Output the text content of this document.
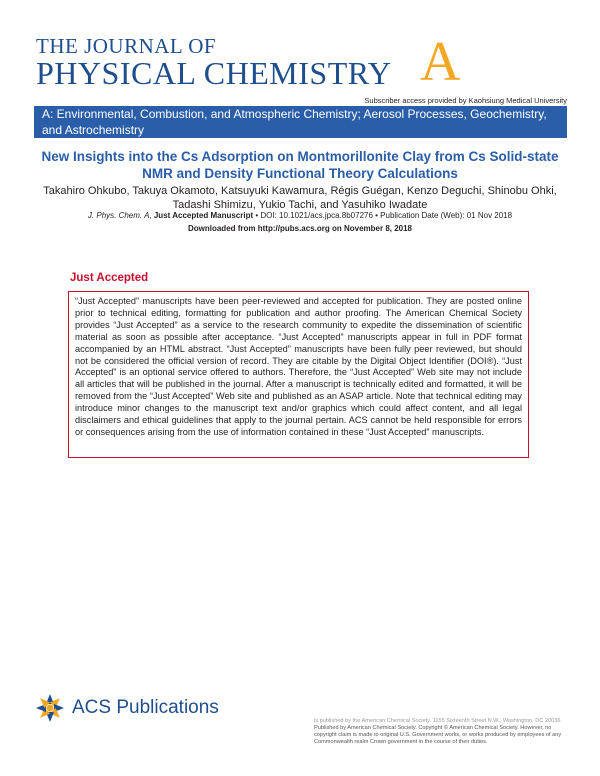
THE JOURNAL OF
PHYSICAL CHEMISTRY A
Subscriber access provided by Kaohsiung Medical University
A: Environmental, Combustion, and Atmospheric Chemistry; Aerosol Processes, Geochemistry, and Astrochemistry
New Insights into the Cs Adsorption on Montmorillonite Clay from Cs Solid-state NMR and Density Functional Theory Calculations
Takahiro Ohkubo, Takuya Okamoto, Katsuyuki Kawamura, Régis Guégan, Kenzo Deguchi, Shinobu Ohki, Tadashi Shimizu, Yukio Tachi, and Yasuhiko Iwadate
J. Phys. Chem. A, Just Accepted Manuscript • DOI: 10.1021/acs.jpca.8b07276 • Publication Date (Web): 01 Nov 2018
Downloaded from http://pubs.acs.org on November 8, 2018
Just Accepted
“Just Accepted” manuscripts have been peer-reviewed and accepted for publication. They are posted online prior to technical editing, formatting for publication and author proofing. The American Chemical Society provides “Just Accepted” as a service to the research community to expedite the dissemination of scientific material as soon as possible after acceptance. “Just Accepted” manuscripts appear in full in PDF format accompanied by an HTML abstract. “Just Accepted” manuscripts have been fully peer reviewed, but should not be considered the official version of record. They are citable by the Digital Object Identifier (DOI®). “Just Accepted” is an optional service offered to authors. Therefore, the “Just Accepted” Web site may not include all articles that will be published in the journal. After a manuscript is technically edited and formatted, it will be removed from the “Just Accepted” Web site and published as an ASAP article. Note that technical editing may introduce minor changes to the manuscript text and/or graphics which could affect content, and all legal disclaimers and ethical guidelines that apply to the journal pertain. ACS cannot be held responsible for errors or consequences arising from the use of information contained in these “Just Accepted” manuscripts.
ACS Publications
is published by the American Chemical Society. 1155 Sixteenth Street N.W., Washington, DC 20036
Published by American Chemical Society. Copyright © American Chemical Society. However, no copyright claim is made to original U.S. Government works, or works produced by employees of any Commonwealth realm Crown government in the course of their duties.
